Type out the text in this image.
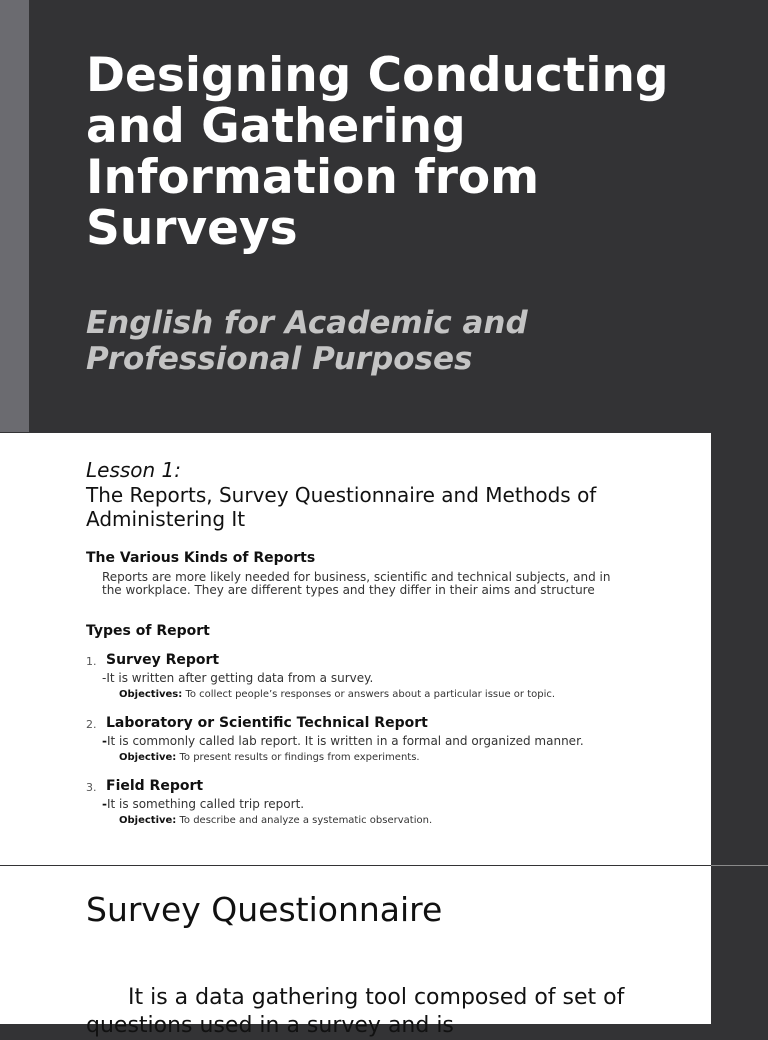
Designing Conducting and Gathering Information from Surveys
English for Academic and Professional Purposes
Lesson 1:
The Reports, Survey Questionnaire and Methods of Administering It
The Various Kinds of Reports
Reports are more likely needed for business, scientific and technical subjects, and in the workplace. They are different types and they differ in their aims and structure
Types of Report
1. Survey Report
-It is written after getting data from a survey.
Objectives: To collect people’s responses or answers about a particular issue or topic.
2. Laboratory or Scientific Technical Report
-It is commonly called lab report. It is written in a formal and organized manner.
Objective: To present results or findings from experiments.
3. Field Report
-It is something called trip report.
Objective: To describe and analyze a systematic observation.
Survey Questionnaire
It is a data gathering tool composed of set of questions used in a survey and is
